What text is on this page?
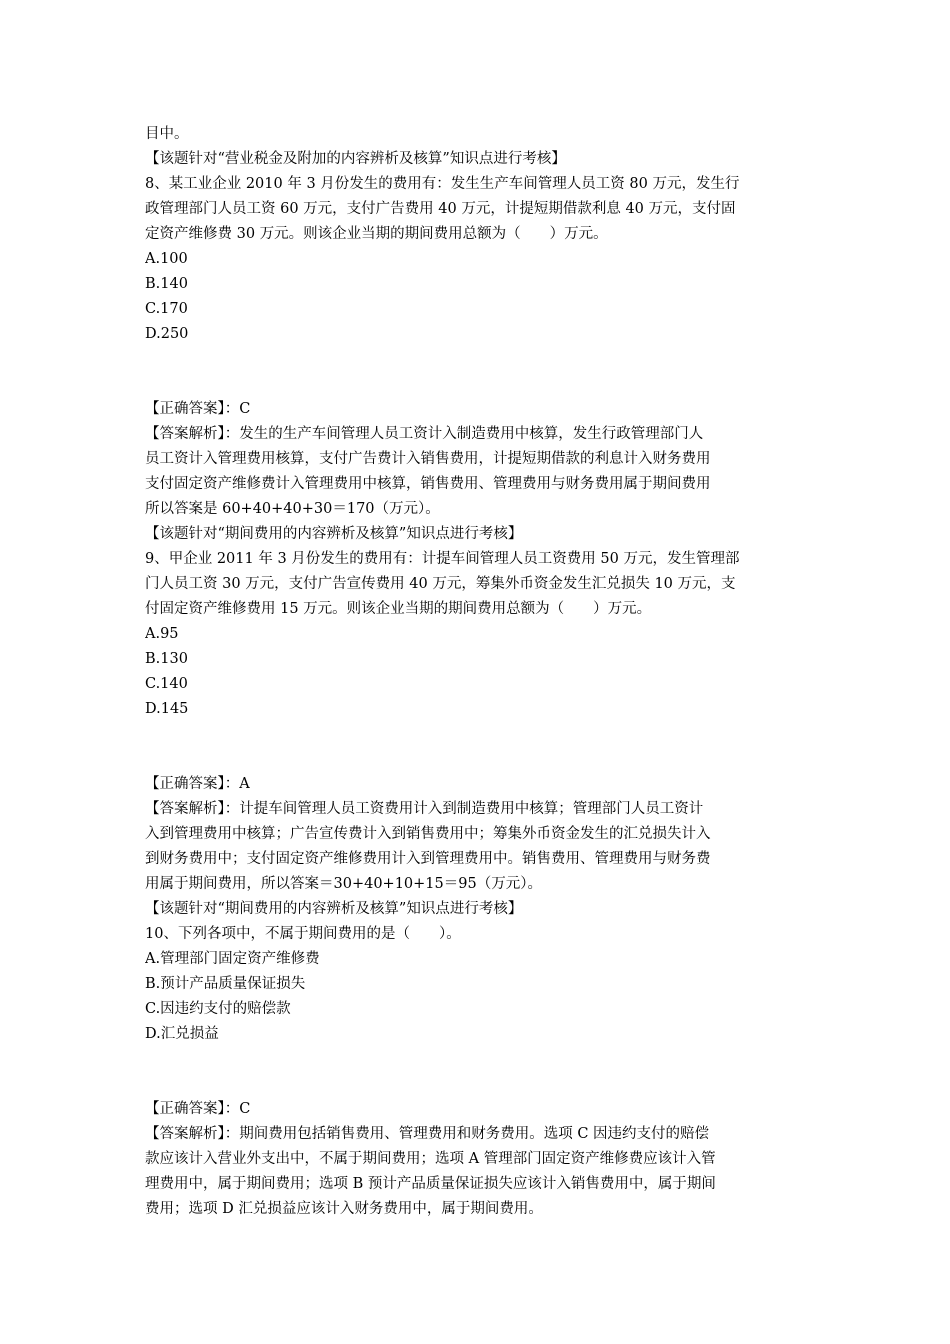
目中。
【该题针对“营业税金及附加的内容辨析及核算”知识点进行考核】
8、某工业企业 2010 年 3 月份发生的费用有：发生生产车间管理人员工资 80 万元，发生行
政管理部门人员工资 60 万元，支付广告费用 40 万元，计提短期借款利息 40 万元，支付固
定资产维修费 30 万元。则该企业当期的期间费用总额为（　　）万元。
A.100
B.140
C.170
D.250
【正确答案】：C
【答案解析】：发生的生产车间管理人员工资计入制造费用中核算，发生行政管理部门人
员工资计入管理费用核算，支付广告费计入销售费用，计提短期借款的利息计入财务费用
支付固定资产维修费计入管理费用中核算，销售费用、管理费用与财务费用属于期间费用
所以答案是 60+40+40+30＝170（万元）。
【该题针对“期间费用的内容辨析及核算”知识点进行考核】
9、甲企业 2011 年 3 月份发生的费用有：计提车间管理人员工资费用 50 万元，发生管理部
门人员工资 30 万元，支付广告宣传费用 40 万元，筹集外币资金发生汇兑损失 10 万元，支
付固定资产维修费用 15 万元。则该企业当期的期间费用总额为（　　）万元。
A.95
B.130
C.140
D.145
【正确答案】：A
【答案解析】：计提车间管理人员工资费用计入到制造费用中核算；管理部门人员工资计
入到管理费用中核算；广告宣传费计入到销售费用中；筹集外币资金发生的汇兑损失计入
到财务费用中；支付固定资产维修费用计入到管理费用中。销售费用、管理费用与财务费
用属于期间费用，所以答案＝30+40+10+15＝95（万元）。
【该题针对“期间费用的内容辨析及核算”知识点进行考核】
10、下列各项中，不属于期间费用的是（　　）。
A.管理部门固定资产维修费
B.预计产品质量保证损失
C.因违约支付的赔偿款
D.汇兑损益
【正确答案】：C
【答案解析】：期间费用包括销售费用、管理费用和财务费用。选项 C 因违约支付的赔偿
款应该计入营业外支出中，不属于期间费用；选项 A 管理部门固定资产维修费应该计入管
理费用中，属于期间费用；选项 B 预计产品质量保证损失应该计入销售费用中，属于期间
费用；选项 D 汇兑损益应该计入财务费用中，属于期间费用。
